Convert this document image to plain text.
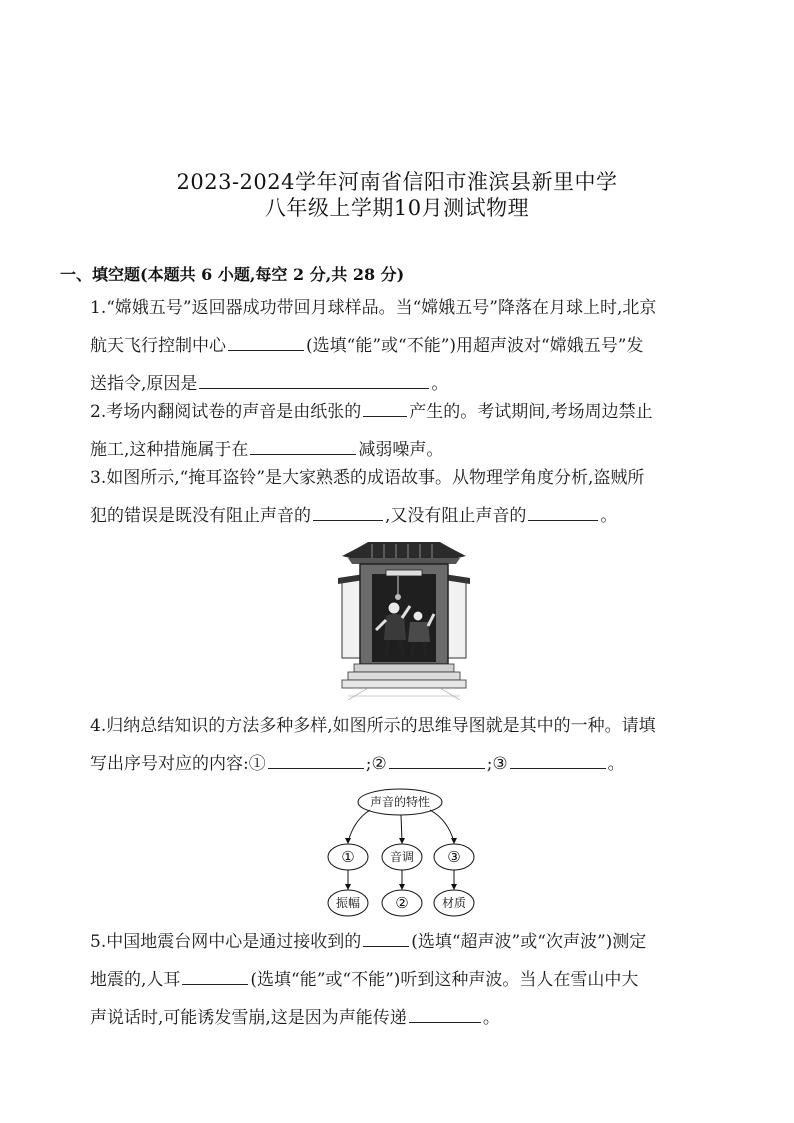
2023-2024学年河南省信阳市淮滨县新里中学
八年级上学期10月测试物理
一、填空题(本题共 6 小题,每空 2 分,共 28 分)
1.“嫦娥五号”返回器成功带回月球样品。当“嫦娥五号”降落在月球上时,北京
航天飞行控制中心	(选填“能”或“不能”)用超声波对“嫦娥五号”发
送指令,原因是	。
2.考场内翻阅试卷的声音是由纸张的	产生的。考试期间,考场周边禁止
施工,这种措施属于在	减弱噪声。
3.如图所示,“掩耳盗铃”是大家熟悉的成语故事。从物理学角度分析,盗贼所
犯的错误是既没有阻止声音的	,又没有阻止声音的	。
4.归纳总结知识的方法多种多样,如图所示的思维导图就是其中的一种。请填
写出序号对应的内容:①	;②	;③	。
声音的特性
①	音调 ③
振幅 ②	材质
5.中国地震台网中心是通过接收到的	(选填“超声波”或“次声波”)测定
地震的,人耳	(选填“能”或“不能”)听到这种声波。当人在雪山中大
声说话时,可能诱发雪崩,这是因为声能传递	。
